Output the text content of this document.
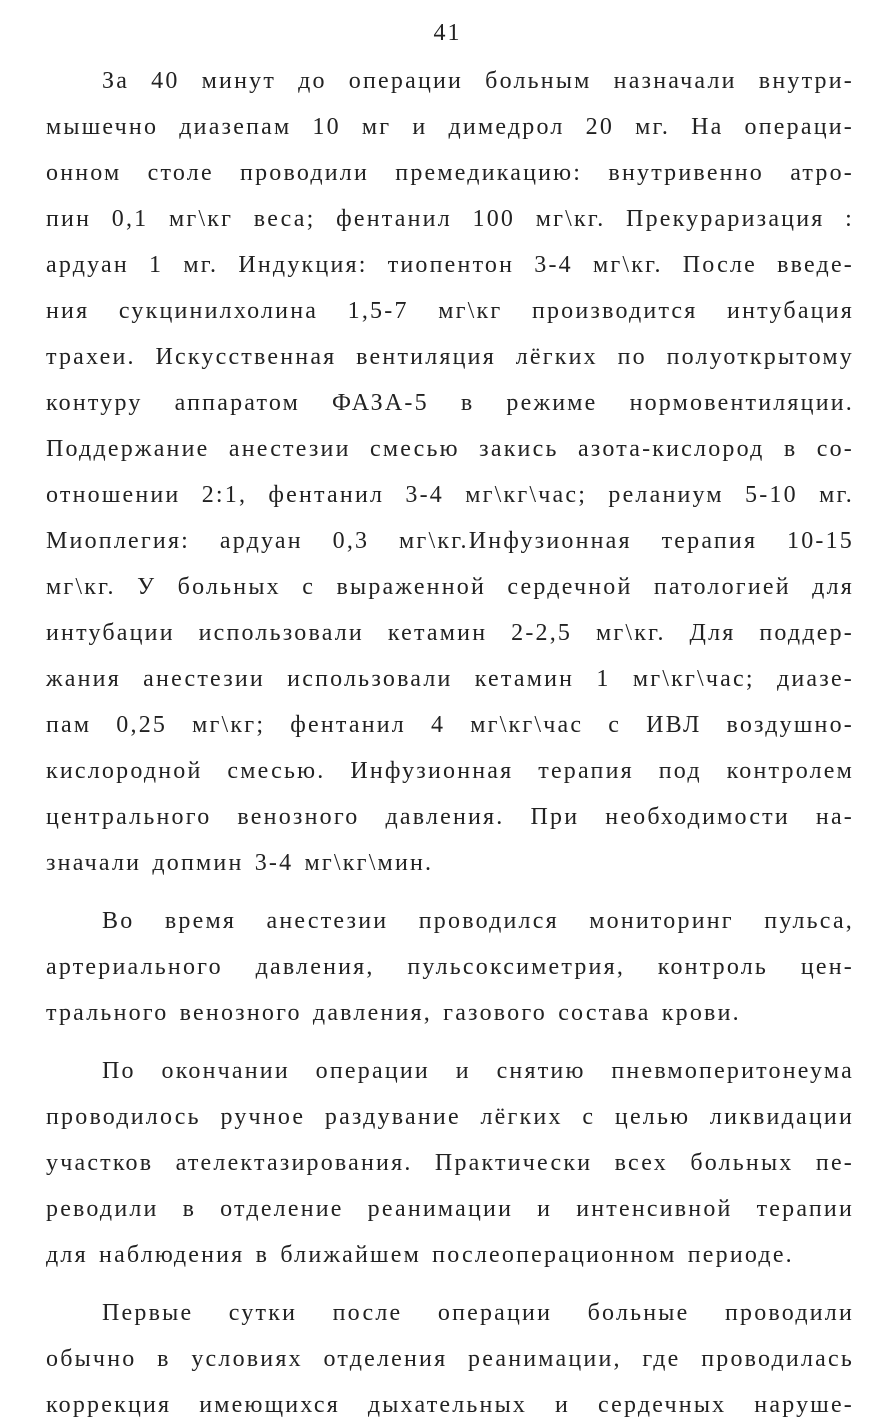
41
За 40 минут до операции больным назначали внутри-
мышечно диазепам 10 мг и димедрол 20 мг. На операци-
онном столе проводили премедикацию: внутривенно атро-
пин 0,1 мг\кг веса; фентанил 100 мг\кг. Прекураризация :
ардуан 1 мг. Индукция: тиопентон 3-4 мг\кг. После введе-
ния сукцинилхолина 1,5-7 мг\кг производится интубация
трахеи. Искусственная вентиляция лёгких по полуоткрытому
контуру аппаратом ФАЗА-5 в режиме нормовентиляции.
Поддержание анестезии смесью закись азота-кислород в со-
отношении 2:1, фентанил 3-4 мг\кг\час; реланиум 5-10 мг.
Миоплегия: ардуан 0,3 мг\кг.Инфузионная терапия 10-15
мг\кг. У больных с выраженной сердечной патологией для
интубации использовали кетамин 2-2,5 мг\кг. Для поддер-
жания анестезии использовали кетамин 1 мг\кг\час; диазе-
пам 0,25 мг\кг; фентанил 4 мг\кг\час с ИВЛ воздушно-
кислородной смесью. Инфузионная терапия под контролем
центрального венозного давления. При необходимости на-
значали допмин 3-4 мг\кг\мин.
Во время анестезии проводился мониторинг пульса,
артериального давления, пульсоксиметрия, контроль цен-
трального венозного давления, газового состава крови.
По окончании операции и снятию пневмоперитонеума
проводилось ручное раздувание лёгких с целью ликвидации
участков ателектазирования. Практически всех больных пе-
реводили в отделение реанимации и интенсивной терапии
для наблюдения в ближайшем послеоперационном периоде.
Первые сутки после операции больные проводили
обычно в условиях отделения реанимации, где проводилась
коррекция имеющихся дыхательных и сердечных наруше-
